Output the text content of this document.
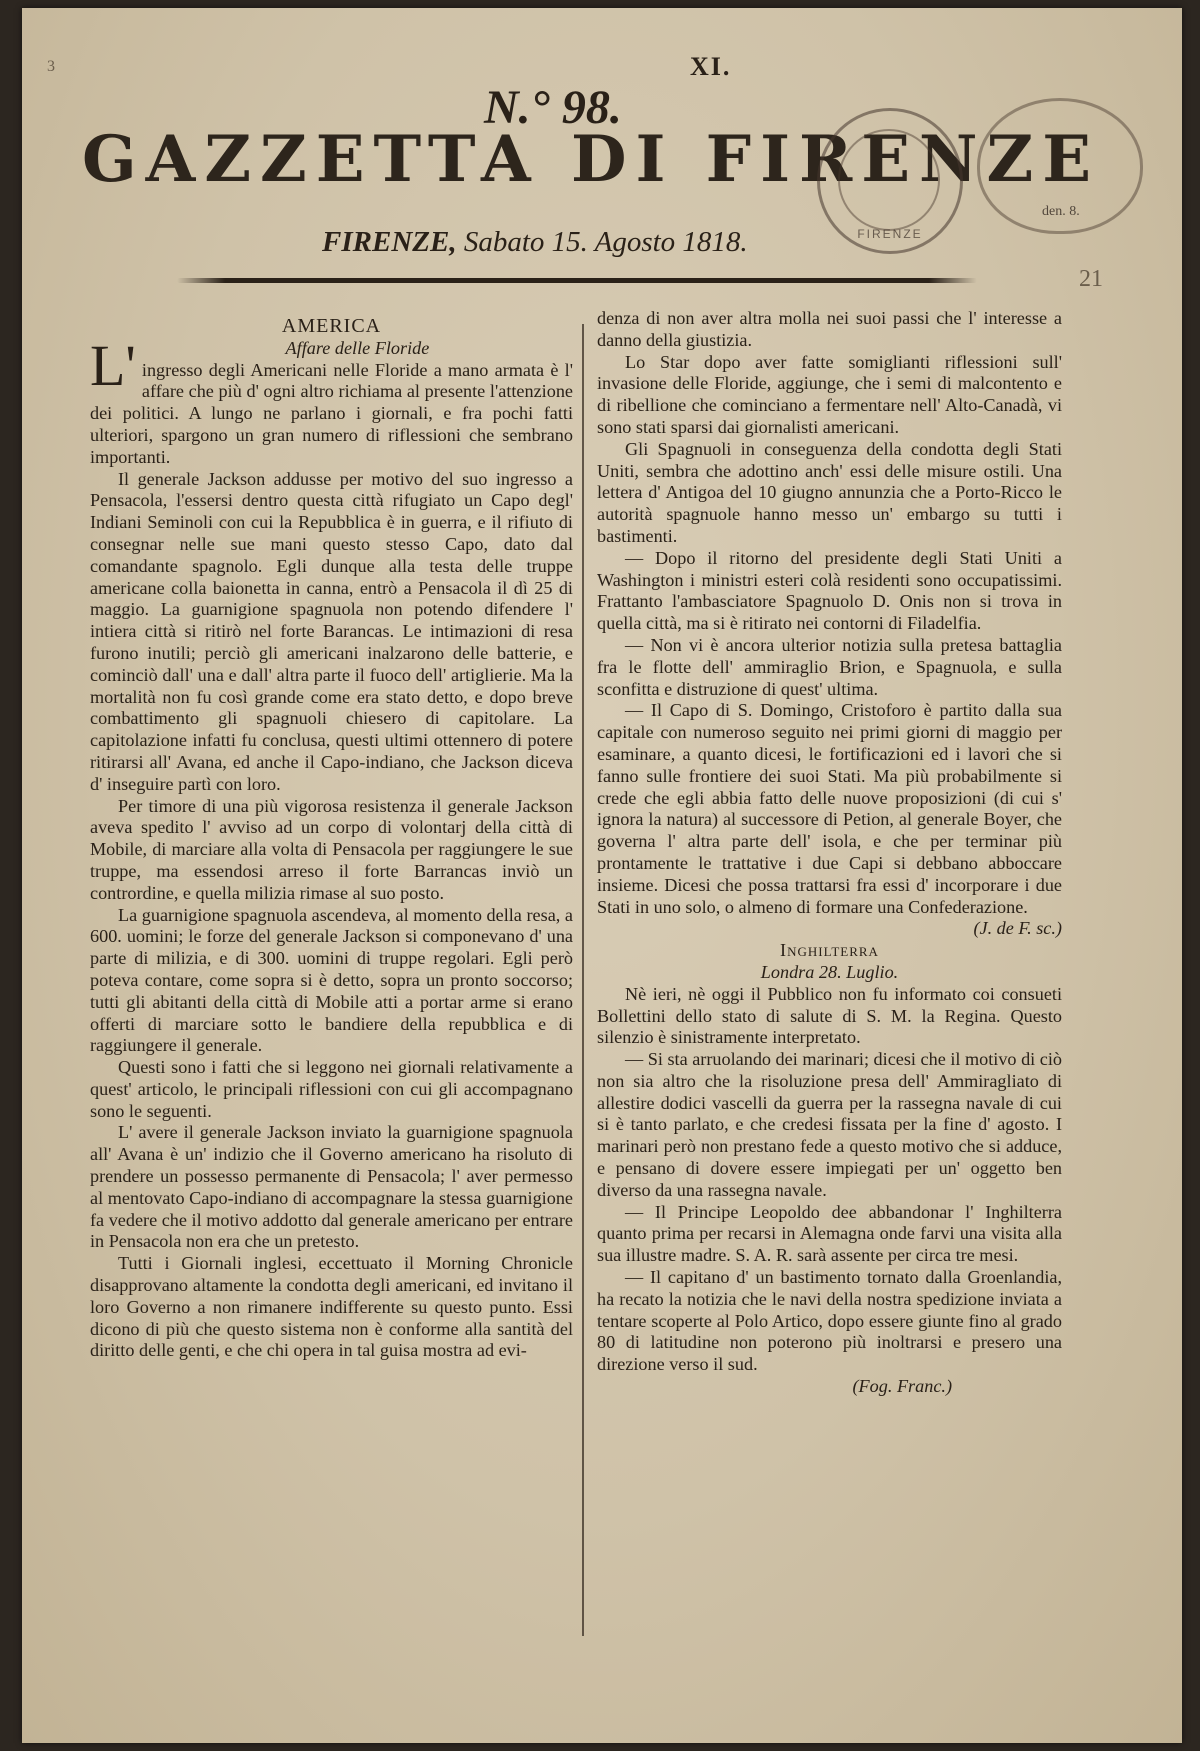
3
21
XI.
N.° 98.
GAZZETTA DI FIRENZE
FIRENZE
den. 8.
FIRENZE, Sabato 15. Agosto 1818.

AMERICA

L'	Affare delle Floride
ingresso degli Americani nelle Floride a mano armata è l' affare che più d' ogni altro richiama al presente l'attenzione dei politici. A lungo ne parlano i giornali, e fra pochi fatti ulteriori, spargono un gran numero di riflessioni che sembrano importanti.

Il generale Jackson addusse per motivo del suo ingresso a Pensacola, l'essersi dentro questa città rifugiato un Capo degl' Indiani Seminoli con cui la Repubblica è in guerra, e il rifiuto di consegnar nelle sue mani questo stesso Capo, dato dal comandante spagnolo. Egli dunque alla testa delle truppe americane colla baionetta in canna, entrò a Pensacola il dì 25 di maggio. La guarnigione spagnuola non potendo difendere l' intiera città si ritirò nel forte Barancas. Le intimazioni di resa furono inutili; perciò gli americani inalzarono delle batterie, e cominciò dall' una e dall' altra parte il fuoco dell' artiglierie. Ma la mortalità non fu così grande come era stato detto, e dopo breve combattimento gli spagnuoli chiesero di capitolare. La capitolazione infatti fu conclusa, questi ultimi ottennero di potere ritirarsi all' Avana, ed anche il Capo-indiano, che Jackson diceva d' inseguire partì con loro.

Per timore di una più vigorosa resistenza il generale Jackson aveva spedito l' avviso ad un corpo di volontarj della città di Mobile, di marciare alla volta di Pensacola per raggiungere le sue truppe, ma essendosi arreso il forte Barrancas inviò un contrordine, e quella milizia rimase al suo posto.

La guarnigione spagnuola ascendeva, al momento della resa, a 600. uomini; le forze del generale Jackson si componevano d' una parte di milizia, e di 300. uomini di truppe regolari. Egli però poteva contare, come sopra si è detto, sopra un pronto soccorso; tutti gli abitanti della città di Mobile atti a portar arme si erano offerti di marciare sotto le bandiere della repubblica e di raggiungere il generale.

Questi sono i fatti che si leggono nei giornali relativamente a quest' articolo, le principali riflessioni con cui gli accompagnano sono le seguenti.

L' avere il generale Jackson inviato la guarnigione spagnuola all' Avana è un' indizio che il Governo americano ha risoluto di prendere un possesso permanente di Pensacola; l' aver permesso al mentovato Capo-indiano di accompagnare la stessa guarnigione fa vedere che il motivo addotto dal generale americano per entrare in Pensacola non era che un pretesto.

Tutti i Giornali inglesi, eccettuato il Morning Chronicle disapprovano altamente la condotta degli americani, ed invitano il loro Governo a non rimanere indifferente su questo punto. Essi dicono di più che questo sistema non è conforme alla santità del diritto delle genti, e che chi opera in tal guisa mostra ad evi-

denza di non aver altra molla nei suoi passi che l' interesse a danno della giustizia.

Lo Star dopo aver fatte somiglianti riflessioni sull' invasione delle Floride, aggiunge, che i semi di malcontento e di ribellione che cominciano a fermentare nell' Alto-Canadà, vi sono stati sparsi dai giornalisti americani.

Gli Spagnuoli in conseguenza della condotta degli Stati Uniti, sembra che adottino anch' essi delle misure ostili. Una lettera d' Antigoa del 10 giugno annunzia che a Porto-Ricco le autorità spagnuole hanno messo un' embargo su tutti i bastimenti.

— Dopo il ritorno del presidente degli Stati Uniti a Washington i ministri esteri colà residenti sono occupatissimi. Frattanto l'ambasciatore Spagnuolo D. Onis non si trova in quella città, ma si è ritirato nei contorni di Filadelfia.

— Non vi è ancora ulterior notizia sulla pretesa battaglia fra le flotte dell' ammiraglio Brion, e Spagnuola, e sulla sconfitta e distruzione di quest' ultima.

— Il Capo di S. Domingo, Cristoforo è partito dalla sua capitale con numeroso seguito nei primi giorni di maggio per esaminare, a quanto dicesi, le fortificazioni ed i lavori che si fanno sulle frontiere dei suoi Stati. Ma più probabilmente si crede che egli abbia fatto delle nuove proposizioni (di cui s' ignora la natura) al successore di Petion, al generale Boyer, che governa l' altra parte dell' isola, e che per terminar più prontamente le trattative i due Capi si debbano abboccare insieme. Dicesi che possa trattarsi fra essi d' incorporare i due Stati in uno solo, o almeno di formare una Confederazione.

(J. de F. sc.)

Inghilterra

Londra 28. Luglio.

Nè ieri, nè oggi il Pubblico non fu informato coi consueti Bollettini dello stato di salute di S. M. la Regina. Questo silenzio è sinistramente interpretato.

— Si sta arruolando dei marinari; dicesi che il motivo di ciò non sia altro che la risoluzione presa dell' Ammiragliato di allestire dodici vascelli da guerra per la rassegna navale di cui si è tanto parlato, e che credesi fissata per la fine d' agosto. I marinari però non prestano fede a questo motivo che si adduce, e pensano di dovere essere impiegati per un' oggetto ben diverso da una rassegna navale.

— Il Principe Leopoldo dee abbandonar l' Inghilterra quanto prima per recarsi in Alemagna onde farvi una visita alla sua illustre madre. S. A. R. sarà assente per circa tre mesi.

— Il capitano d' un bastimento tornato dalla Groenlandia, ha recato la notizia che le navi della nostra spedizione inviata a tentare scoperte al Polo Artico, dopo essere giunte fino al grado 80 di latitudine non poterono più inoltrarsi e presero una direzione verso il sud.

(Fog. Franc.)
